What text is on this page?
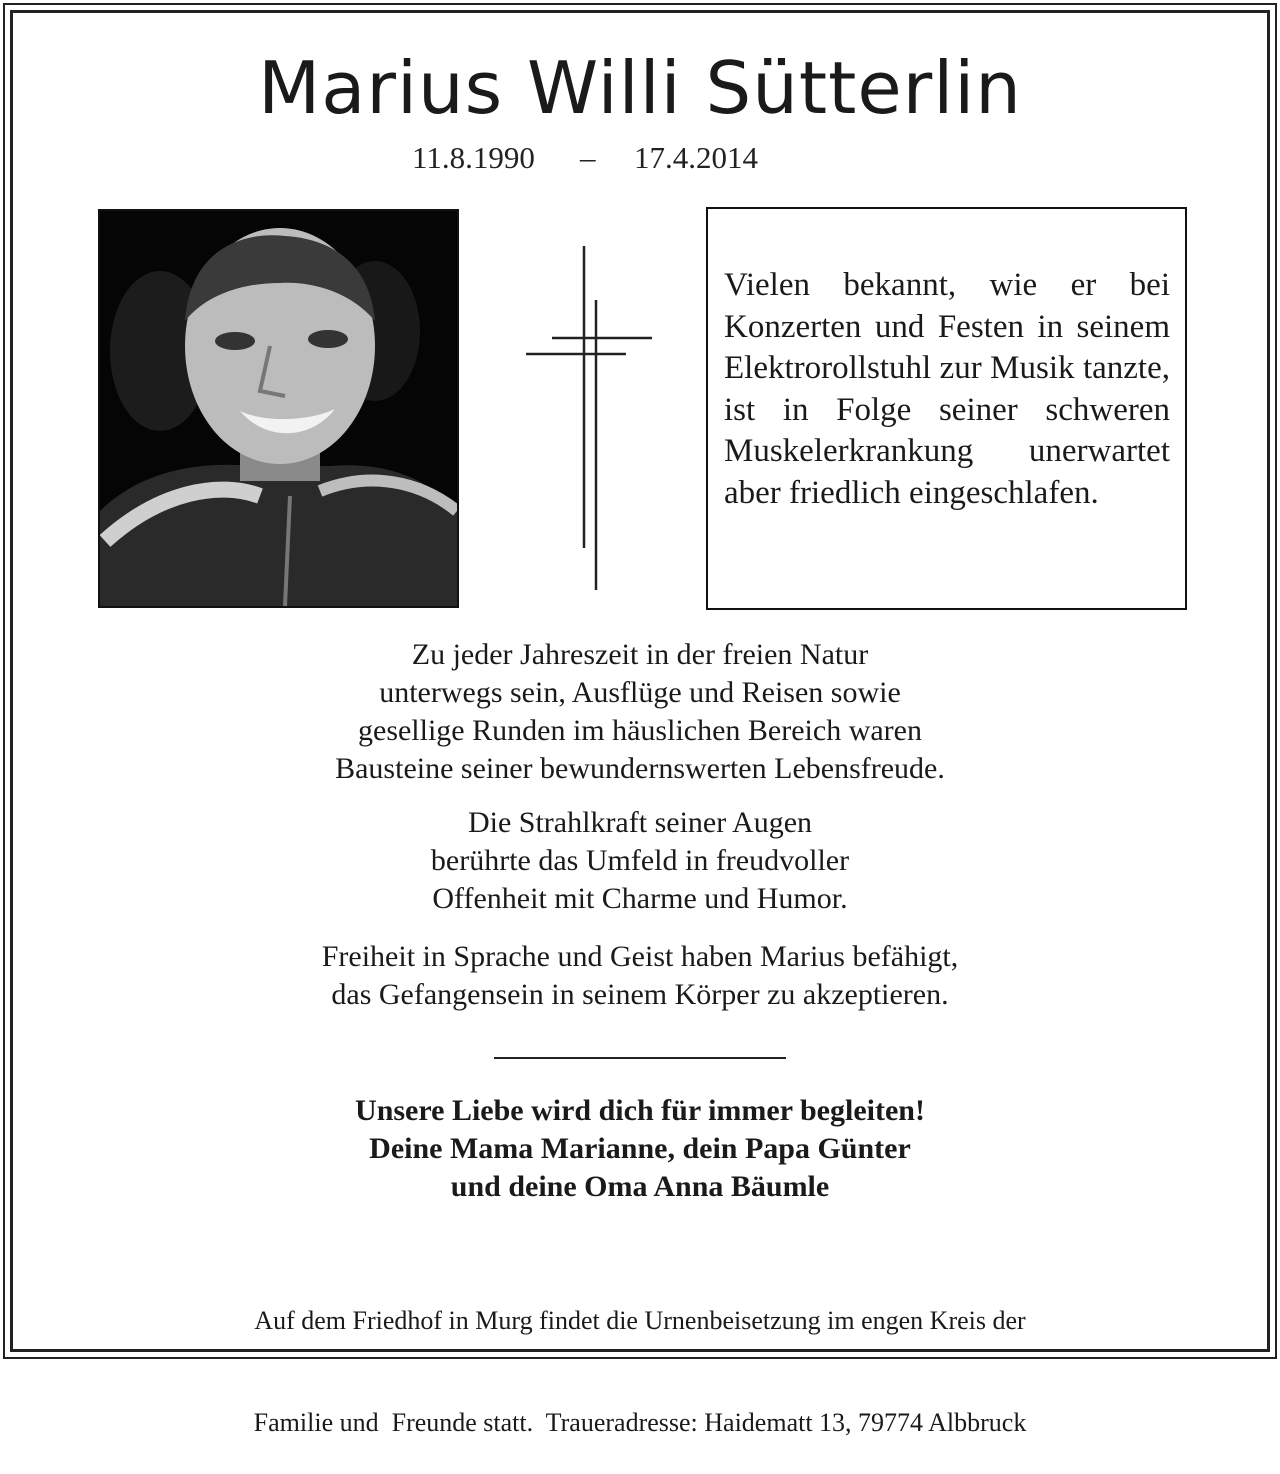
Marius Willi Sütterlin

11.8.1990

–

17.4.2014

Vielen bekannt, wie er bei Konzerten und Festen in seinem Elektrorollstuhl zur Musik tanzte, ist in Folge seiner schweren Muskelerkrankung unerwartet aber friedlich eingeschlafen.

Zu jeder Jahreszeit in der freien Natur
unterwegs sein, Ausflüge und Reisen sowie
gesellige Runden im häuslichen Bereich waren
Bausteine seiner bewundernswerten Lebensfreude.
Die Strahlkraft seiner Augen
berührte das Umfeld in freudvoller
Offenheit mit Charme und Humor.
Freiheit in Sprache und Geist haben Marius befähigt,
das Gefangensein in seinem Körper zu akzeptieren.
Unsere Liebe wird dich für immer begleiten!
Deine Mama Marianne, dein Papa Günter
und deine Oma Anna Bäumle

Auf dem Friedhof in Murg findet die Urnenbeisetzung im engen Kreis der

Familie und  Freunde statt.  Traueradresse: Haidematt 13, 79774 Albbruck
